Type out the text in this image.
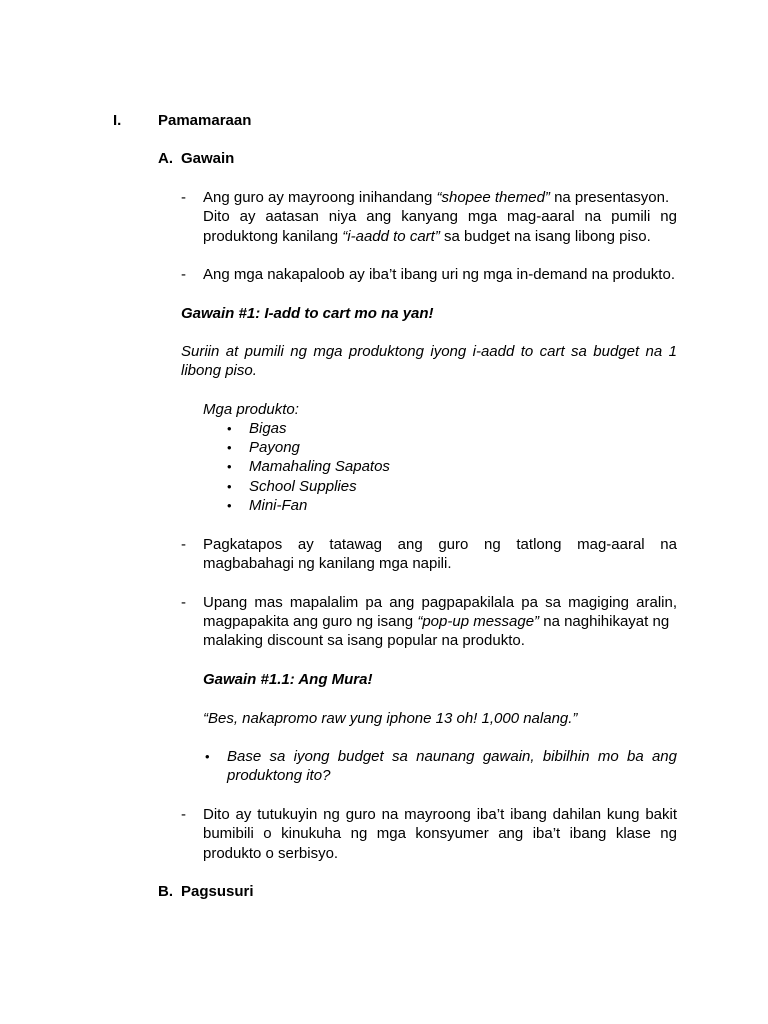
I. Pamamaraan
A. Gawain
- Ang guro ay mayroong inihandang “shopee themed” na presentasyon.
Dito ay aatasan niya ang kanyang mga mag-aaral na pumili ng
produktong kanilang “i-aadd to cart” sa budget na isang libong piso.
- Ang mga nakapaloob ay iba’t ibang uri ng mga in-demand na produkto.
Gawain #1: I-add to cart mo na yan!
Suriin at pumili ng mga produktong iyong i-aadd to cart sa budget na 1
libong piso.
Mga produkto:
• Bigas
• Payong
• Mamahaling Sapatos
• School Supplies
• Mini-Fan
- Pagkatapos ay tatawag ang guro ng tatlong mag-aaral na
magbabahagi ng kanilang mga napili.
- Upang mas mapalalim pa ang pagpapakilala pa sa magiging aralin,
magpapakita ang guro ng isang “pop-up message” na naghihikayat ng
malaking discount sa isang popular na produkto.
Gawain #1.1: Ang Mura!
“Bes, nakapromo raw yung iphone 13 oh! 1,000 nalang.”
• Base sa iyong budget sa naunang gawain, bibilhin mo ba ang
produktong ito?
- Dito ay tutukuyin ng guro na mayroong iba’t ibang dahilan kung bakit
bumibili o kinukuha ng mga konsyumer ang iba’t ibang klase ng
produkto o serbisyo.
B. Pagsusuri
